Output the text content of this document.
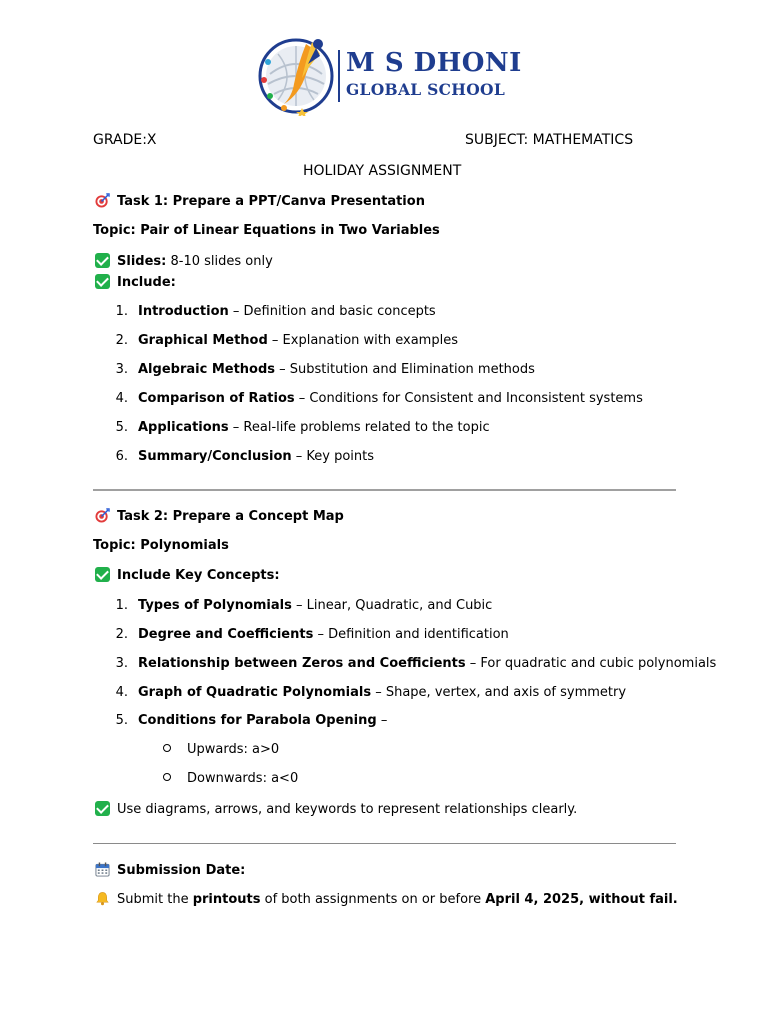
M S DHONI
GLOBAL SCHOOL
GRADE:X	SUBJECT: MATHEMATICS
HOLIDAY ASSIGNMENT
Task 1: Prepare a PPT/Canva Presentation
Topic: Pair of Linear Equations in Two Variables
Slides: 8-10 slides only
Include:
1. Introduction – Definition and basic concepts
2. Graphical Method – Explanation with examples
3. Algebraic Methods – Substitution and Elimination methods
4. Comparison of Ratios – Conditions for Consistent and Inconsistent systems
5. Applications – Real-life problems related to the topic
6. Summary/Conclusion – Key points
Task 2: Prepare a Concept Map
Topic: Polynomials
Include Key Concepts:
1. Types of Polynomials – Linear, Quadratic, and Cubic
2. Degree and Coefficients – Definition and identification
3. Relationship between Zeros and Coefficients – For quadratic and cubic polynomials
4. Graph of Quadratic Polynomials – Shape, vertex, and axis of symmetry
5. Conditions for Parabola Opening –
Upwards: a>0
Downwards: a<0
Use diagrams, arrows, and keywords to represent relationships clearly.
Submission Date:
Submit the printouts of both assignments on or before April 4, 2025, without fail.
